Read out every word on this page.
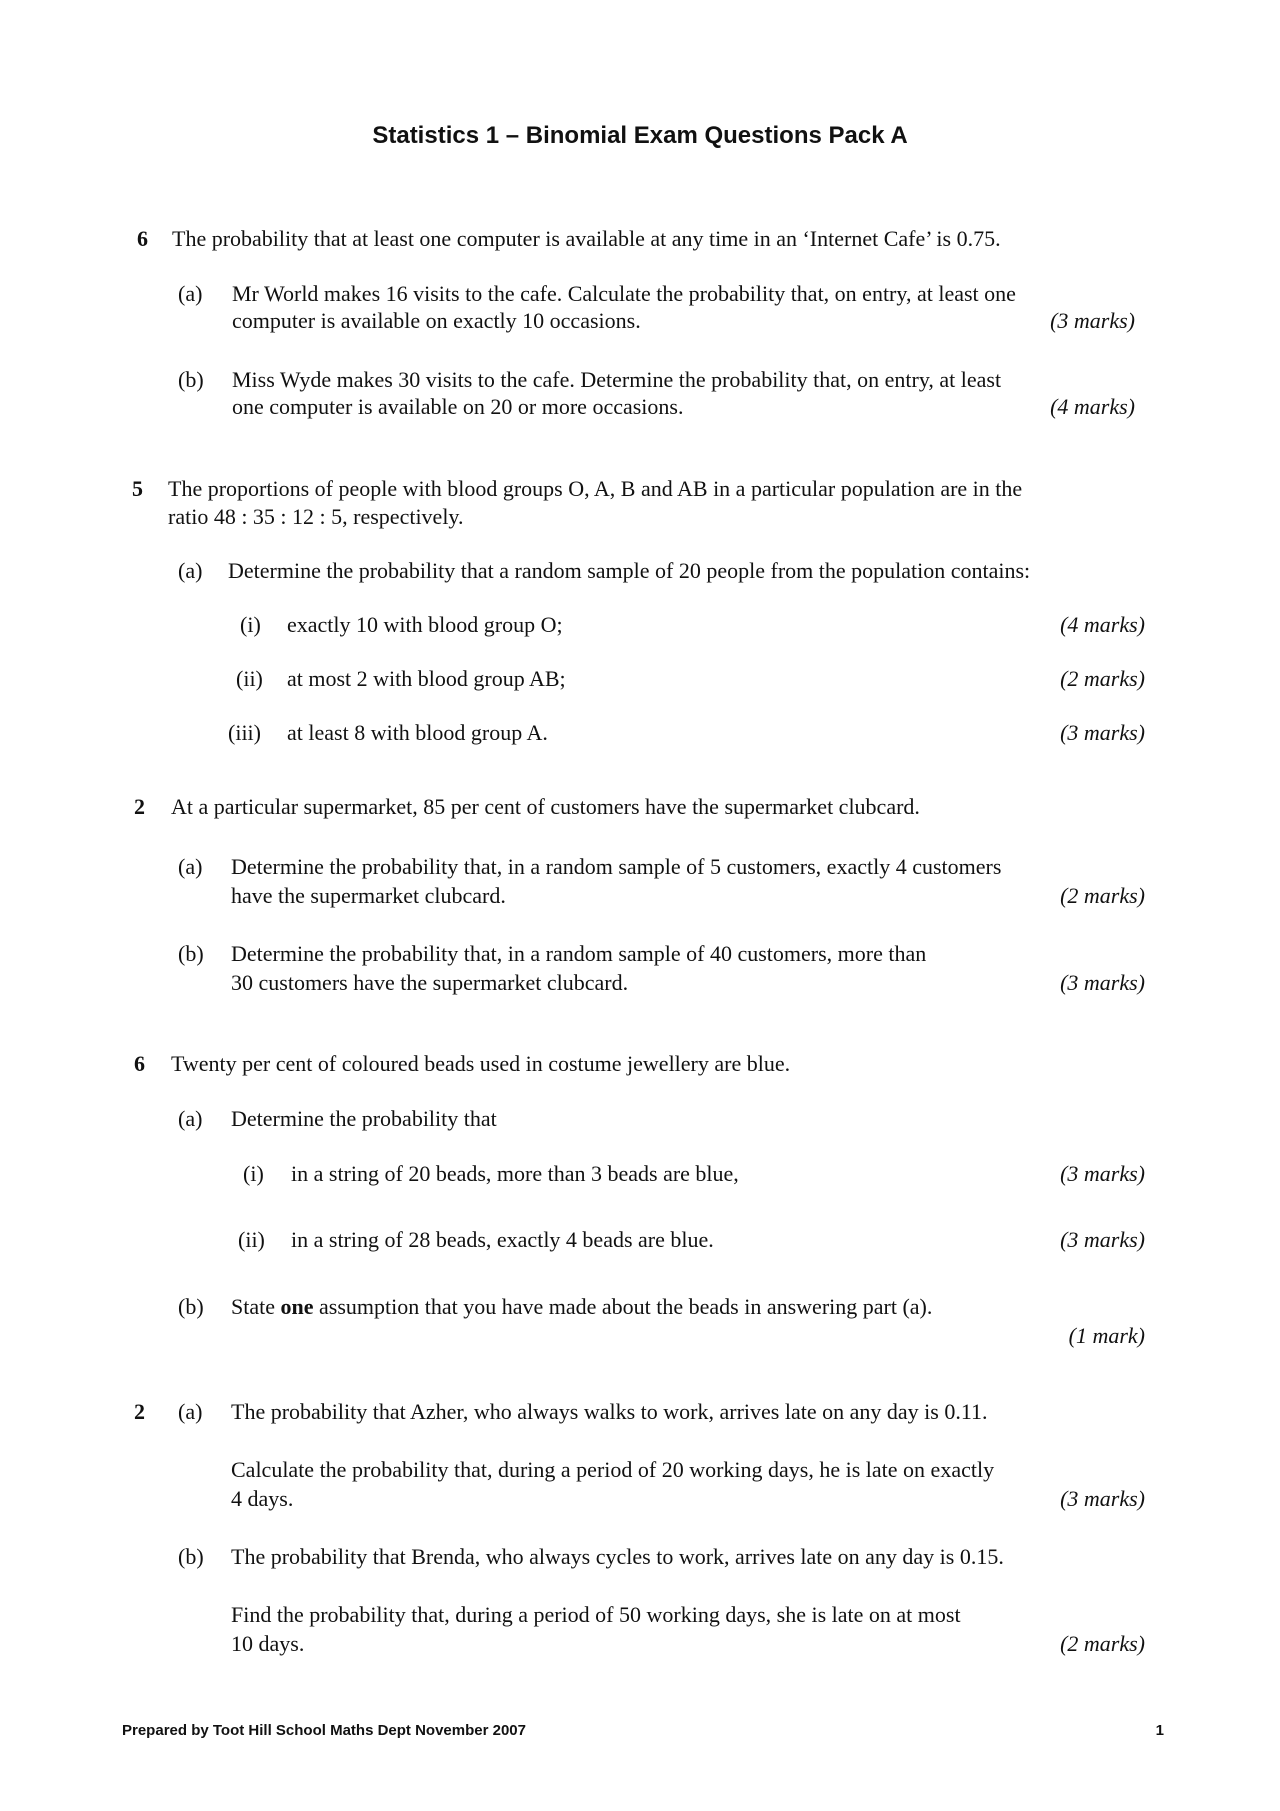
Statistics 1 – Binomial Exam Questions Pack A
6 The probability that at least one computer is available at any time in an ‘Internet Cafe’ is 0.75.
(a) Mr World makes 16 visits to the cafe. Calculate the probability that, on entry, at least one
computer is available on exactly 10 occasions.	(3 marks)
(b) Miss Wyde makes 30 visits to the cafe. Determine the probability that, on entry, at least
one computer is available on 20 or more occasions.	(4 marks)
5 The proportions of people with blood groups O, A, B and AB in a particular population are in the
ratio 48 : 35 : 12 : 5, respectively.
(a) Determine the probability that a random sample of 20 people from the population contains:
(i) exactly 10 with blood group O;	(4 marks)
(ii) at most 2 with blood group AB;	(2 marks)
(iii) at least 8 with blood group A.	(3 marks)
2 At a particular supermarket, 85 per cent of customers have the supermarket clubcard.
(a) Determine the probability that, in a random sample of 5 customers, exactly 4 customers
have the supermarket clubcard.	(2 marks)
(b) Determine the probability that, in a random sample of 40 customers, more than
30 customers have the supermarket clubcard.	(3 marks)
6 Twenty per cent of coloured beads used in costume jewellery are blue.
(a) Determine the probability that
(i) in a string of 20 beads, more than 3 beads are blue,	(3 marks)
(ii) in a string of 28 beads, exactly 4 beads are blue.	(3 marks)
(b) State one assumption that you have made about the beads in answering part (a).
(1 mark)
2 (a) The probability that Azher, who always walks to work, arrives late on any day is 0.11.
Calculate the probability that, during a period of 20 working days, he is late on exactly
4 days.	(3 marks)
(b) The probability that Brenda, who always cycles to work, arrives late on any day is 0.15.
Find the probability that, during a period of 50 working days, she is late on at most
10 days.	(2 marks)
Prepared by Toot Hill School Maths Dept November 2007	1
